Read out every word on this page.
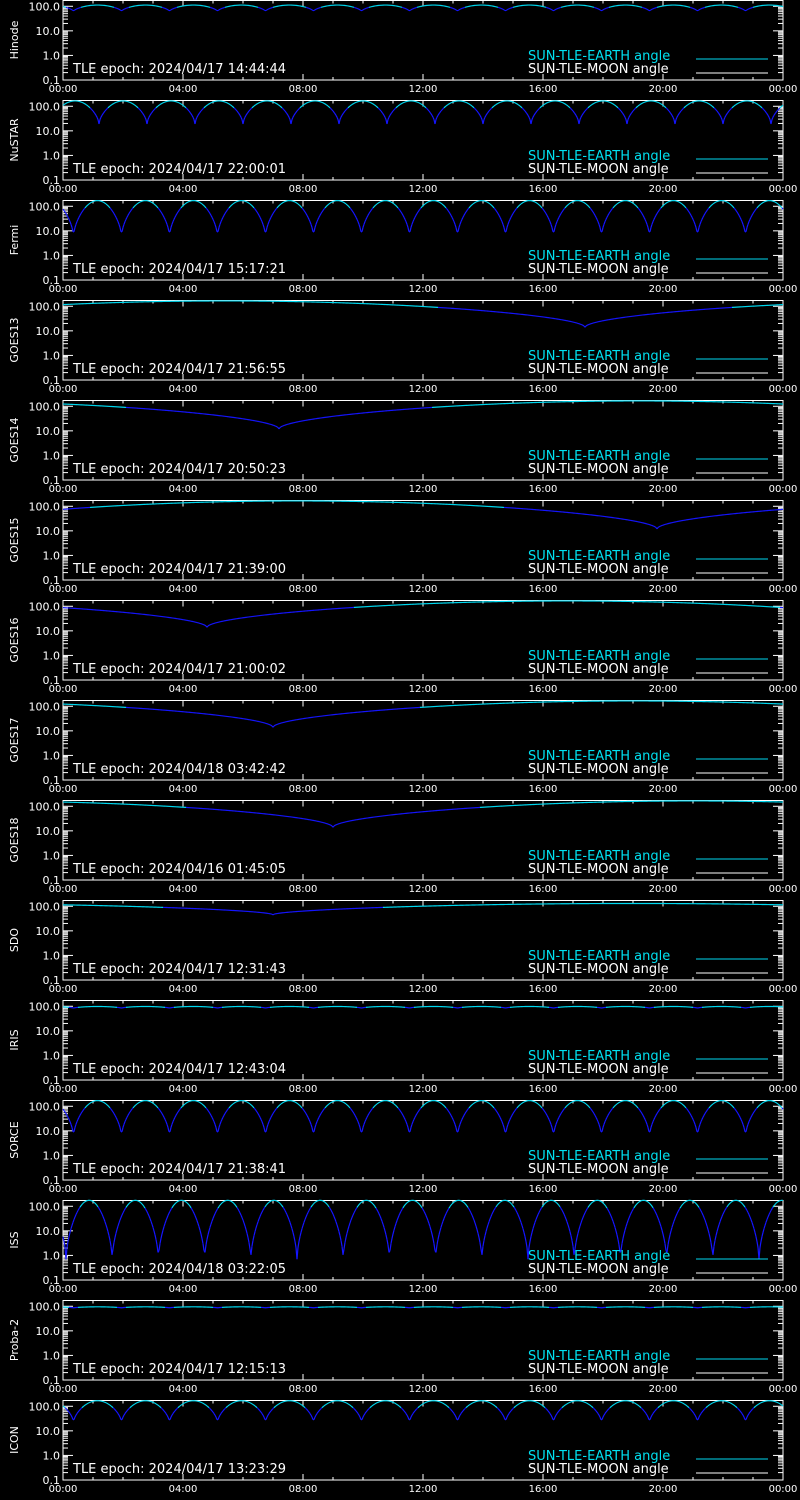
100.0
10.0
1.0
0.1
00:00	04:00	08:00	12:00	16:00	20:00	00:00
Hinode
TLE epoch: 2024/04/17 14:44:44
SUN-TLE-EARTH angle
SUN-TLE-MOON angle
100.0
10.0
1.0
0.1
00:00	04:00	08:00	12:00	16:00	20:00	00:00
NuSTAR
TLE epoch: 2024/04/17 22:00:01
SUN-TLE-EARTH angle
SUN-TLE-MOON angle
100.0
10.0
1.0
0.1
00:00	04:00	08:00	12:00	16:00	20:00	00:00
Fermi
TLE epoch: 2024/04/17 15:17:21
SUN-TLE-EARTH angle
SUN-TLE-MOON angle
100.0
10.0
1.0
0.1
00:00	04:00	08:00	12:00	16:00	20:00	00:00
GOES13
TLE epoch: 2024/04/17 21:56:55
SUN-TLE-EARTH angle
SUN-TLE-MOON angle
100.0
10.0
1.0
0.1
00:00	04:00	08:00	12:00	16:00	20:00	00:00
GOES14
TLE epoch: 2024/04/17 20:50:23
SUN-TLE-EARTH angle
SUN-TLE-MOON angle
100.0
10.0
1.0
0.1
00:00	04:00	08:00	12:00	16:00	20:00	00:00
GOES15
TLE epoch: 2024/04/17 21:39:00
SUN-TLE-EARTH angle
SUN-TLE-MOON angle
100.0
10.0
1.0
0.1
00:00	04:00	08:00	12:00	16:00	20:00	00:00
GOES16
TLE epoch: 2024/04/17 21:00:02
SUN-TLE-EARTH angle
SUN-TLE-MOON angle
100.0
10.0
1.0
0.1
00:00	04:00	08:00	12:00	16:00	20:00	00:00
GOES17
TLE epoch: 2024/04/18 03:42:42
SUN-TLE-EARTH angle
SUN-TLE-MOON angle
100.0
10.0
1.0
0.1
00:00	04:00	08:00	12:00	16:00	20:00	00:00
GOES18
TLE epoch: 2024/04/16 01:45:05
SUN-TLE-EARTH angle
SUN-TLE-MOON angle
100.0
10.0
1.0
0.1
00:00	04:00	08:00	12:00	16:00	20:00	00:00
SDO
TLE epoch: 2024/04/17 12:31:43
SUN-TLE-EARTH angle
SUN-TLE-MOON angle
100.0
10.0
1.0
0.1
00:00	04:00	08:00	12:00	16:00	20:00	00:00
IRIS
TLE epoch: 2024/04/17 12:43:04
SUN-TLE-EARTH angle
SUN-TLE-MOON angle
100.0
10.0
1.0
0.1
00:00	04:00	08:00	12:00	16:00	20:00	00:00
SORCE
TLE epoch: 2024/04/17 21:38:41
SUN-TLE-EARTH angle
SUN-TLE-MOON angle
100.0
10.0
1.0
0.1
00:00	04:00	08:00	12:00	16:00	20:00	00:00
ISS
TLE epoch: 2024/04/18 03:22:05
SUN-TLE-EARTH angle
SUN-TLE-MOON angle
100.0
10.0
1.0
0.1
00:00	04:00	08:00	12:00	16:00	20:00	00:00
Proba-2
TLE epoch: 2024/04/17 12:15:13
SUN-TLE-EARTH angle
SUN-TLE-MOON angle
100.0
10.0
1.0
0.1
00:00	04:00	08:00	12:00	16:00	20:00	00:00
ICON
TLE epoch: 2024/04/17 13:23:29
SUN-TLE-EARTH angle
SUN-TLE-MOON angle
